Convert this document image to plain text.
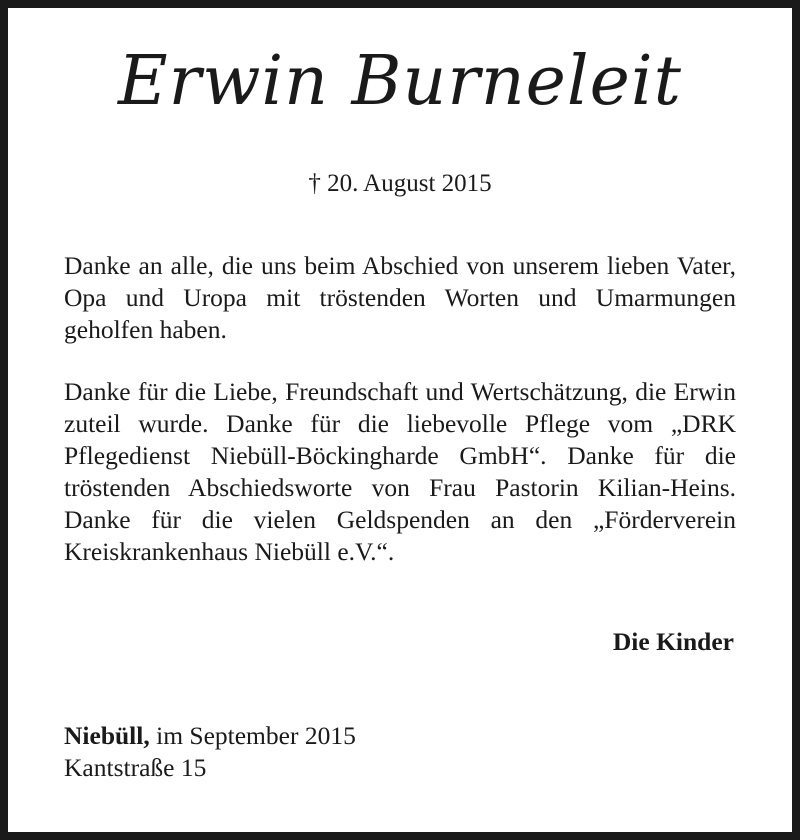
Erwin Burneleit

† 20. August 2015

Danke an alle, die uns beim Abschied von unserem lieben Vater, Opa und Uropa mit tröstenden Worten und Umarmungen geholfen haben.

Danke für die Liebe, Freundschaft und Wertschätzung, die Erwin zuteil wurde. Danke für die liebevolle Pflege vom „DRK Pflegedienst Niebüll-Böckingharde GmbH“. Danke für die tröstenden Abschiedsworte von Frau Pastorin Kilian-Heins. Danke für die vielen Geldspenden an den „Förderverein Kreiskrankenhaus Niebüll e.V.“.

Die Kinder

Niebüll, im September 2015

Kantstraße 15
